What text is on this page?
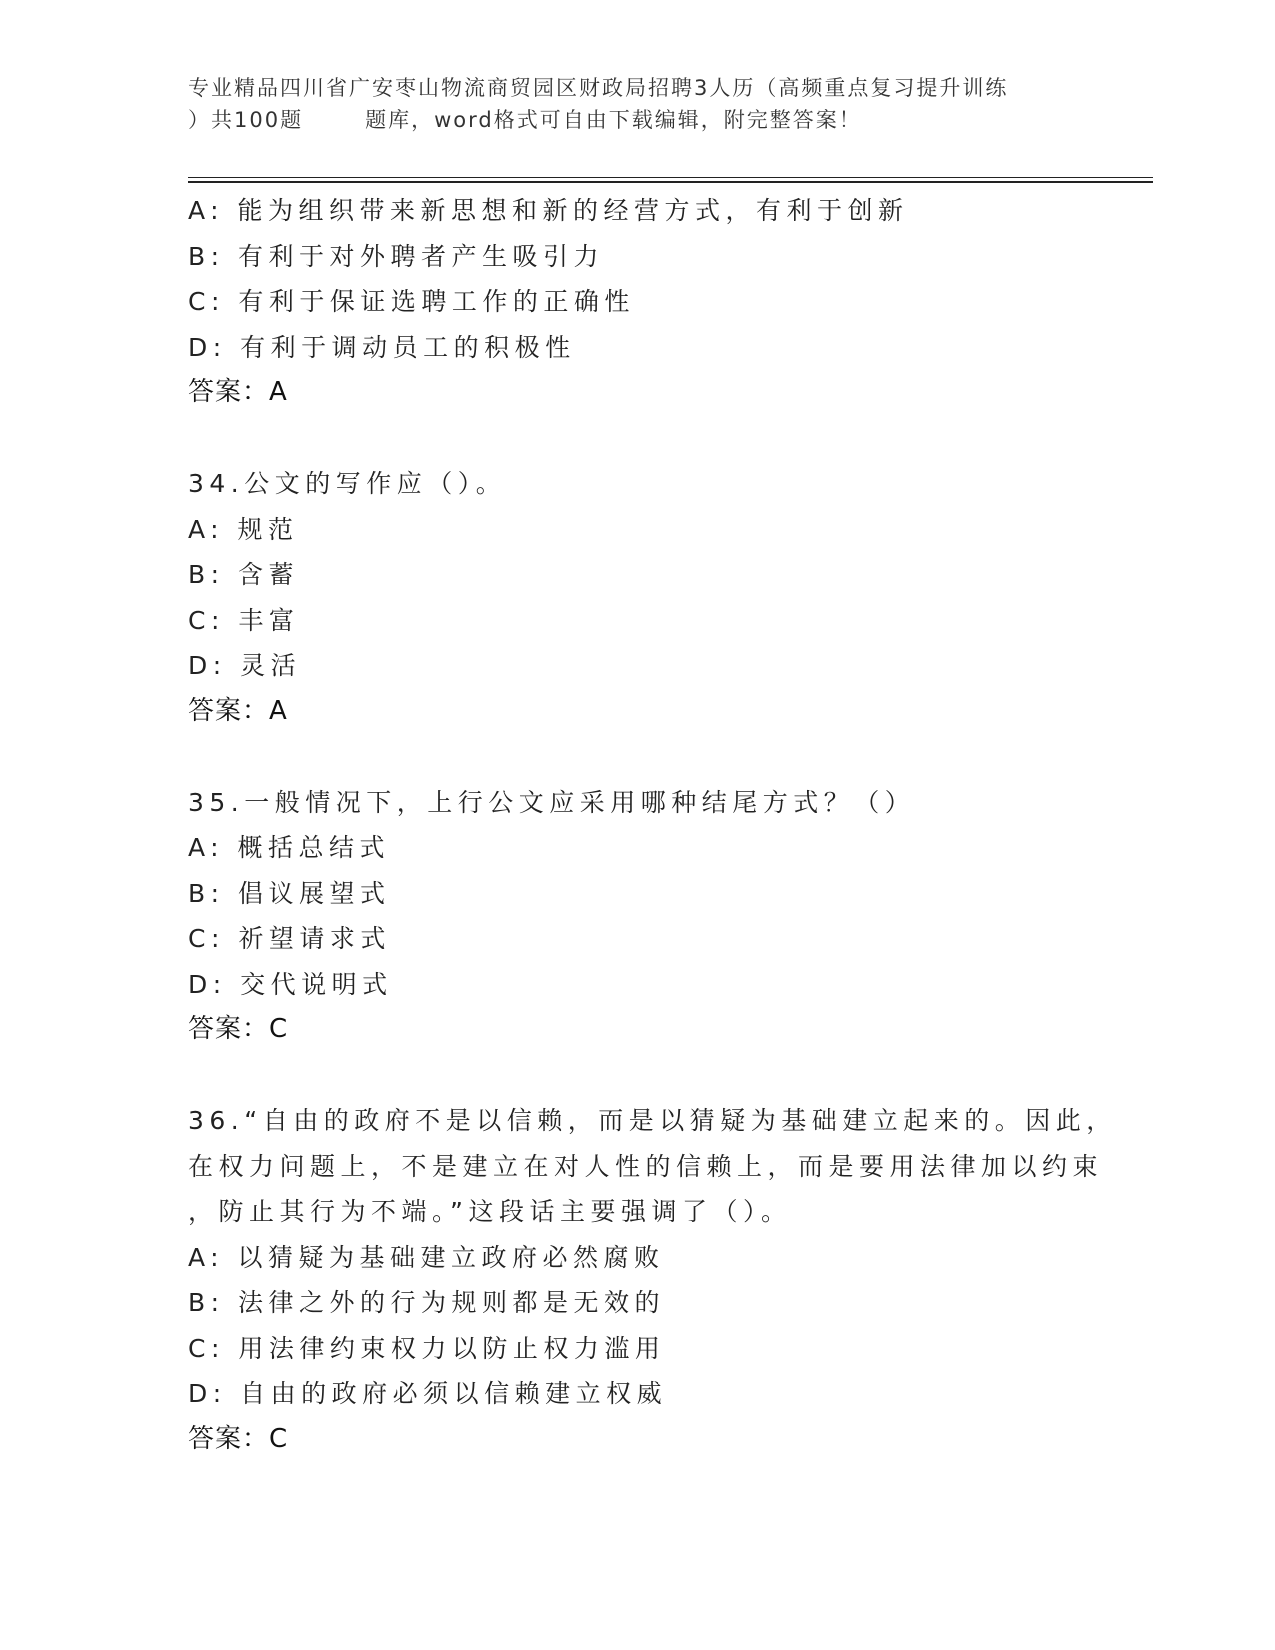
专业精品四川省广安枣山物流商贸园区财政局招聘3人历（高频重点复习提升训练
）共100题	题库，word格式可自由下载编辑，附完整答案！
A: 能为组织带来新思想和新的经营方式，有利于创新
B: 有利于对外聘者产生吸引力
C: 有利于保证选聘工作的正确性
D: 有利于调动员工的积极性
答案：A
34.公文的写作应（）。
A: 规范
B: 含蓄
C: 丰富
D: 灵活
答案：A
35.一般情况下，上行公文应采用哪种结尾方式？（）
A: 概括总结式
B: 倡议展望式
C: 祈望请求式
D: 交代说明式
答案：C
36.“自由的政府不是以信赖，而是以猜疑为基础建立起来的。因此，
在权力问题上，不是建立在对人性的信赖上，而是要用法律加以约束
，防止其行为不端。”这段话主要强调了（）。
A: 以猜疑为基础建立政府必然腐败
B: 法律之外的行为规则都是无效的
C: 用法律约束权力以防止权力滥用
D: 自由的政府必须以信赖建立权威
答案：C
